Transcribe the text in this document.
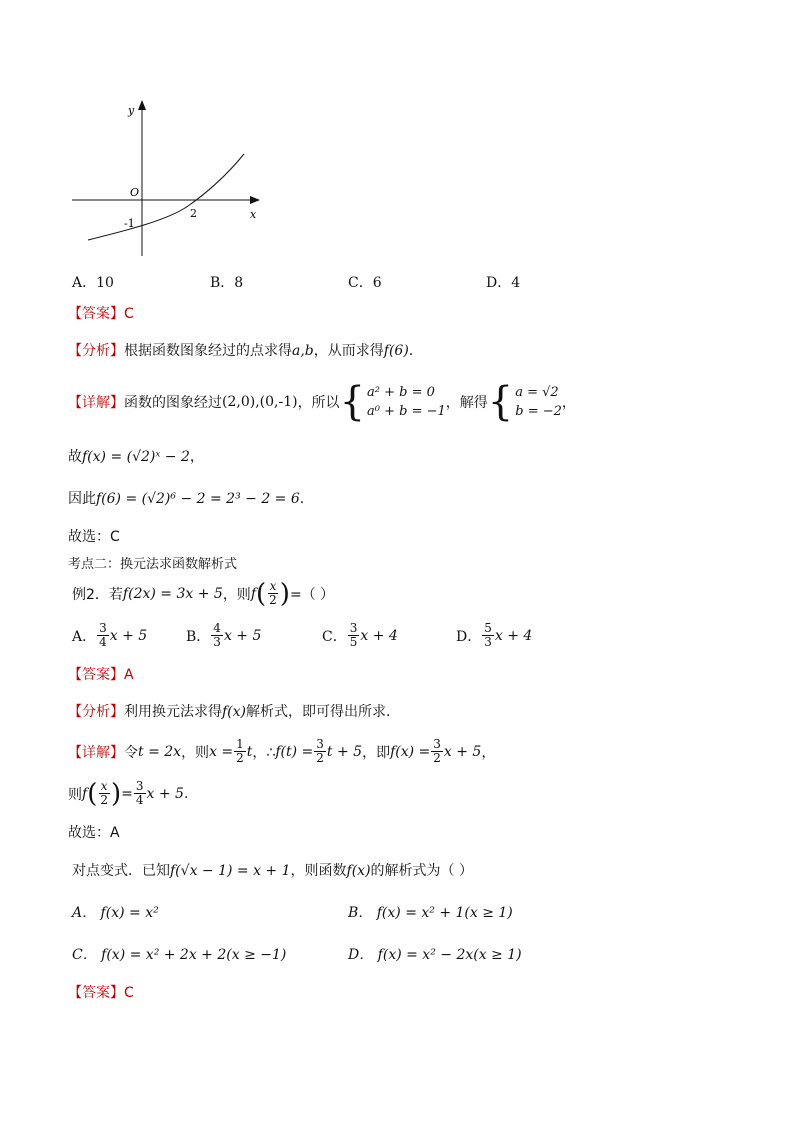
y
x
O
-1
2
A．10	B．8	C．6	D．4
【答案】C
【分析】根据函数图象经过的点求得a,b，从而求得f(6).
【详解】 函数的图象经过 (2,0),(0,-1) ，所以 { a² + b = 0
a⁰ + b = −1
，解得 { a = √2
b = −2
，
故f(x) = (√2)ˣ − 2，
因此f(6) = (√2)⁶ − 2 = 2³ − 2 = 6.
故选：C
考点二：换元法求函数解析式
例2．若 f(2x) = 3x + 5 ，则 f ( $\frac{x}{2}$ ) =（ ）
A． $\frac{3}{4}$ x + 5	B． $\frac{4}{3}$ x + 5	C． $\frac{3}{5}$ x + 4	D． $\frac{5}{3}$ x + 4
【答案】A
【分析】利用换元法求得f(x)解析式，即可得出所求.
【详解】 令 t = 2x ，则 $x = \frac{1}{2}$ t ，∴ $f(t) = \frac{3}{2}$ t + 5 ，即 $f(x) = \frac{3}{2}$ x + 5 ，
则 f ( $\frac{x}{2}$ ) = $\frac{3}{4}$ x + 5.
故选：A
对点变式．已知f(√x − 1) = x + 1，则函数f(x)的解析式为（ ）
A． f(x) = x²	B． f(x) = x² + 1(x ≥ 1)
C． f(x) = x² + 2x + 2(x ≥ −1)	D． f(x) = x² − 2x(x ≥ 1)
【答案】C
